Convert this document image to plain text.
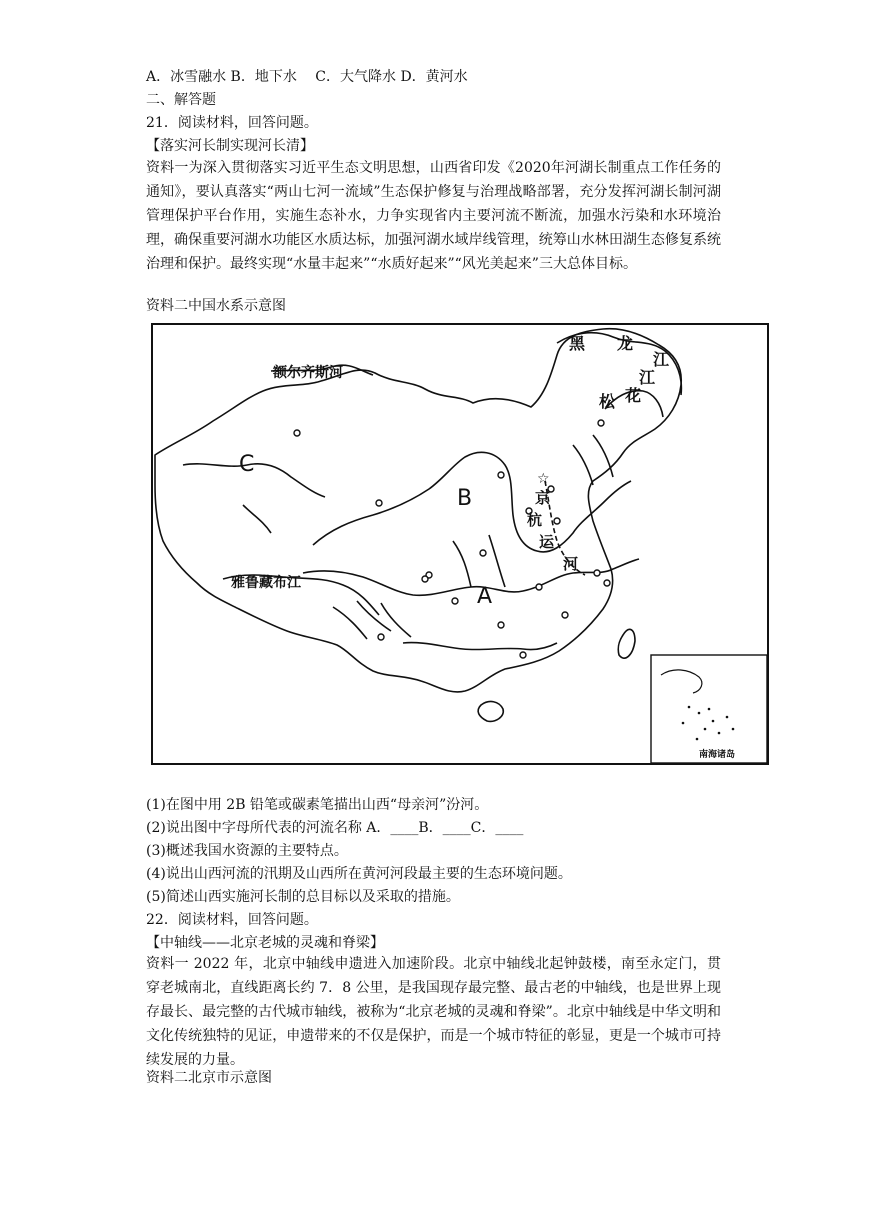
A．冰雪融水 B．地下水　 C．大气降水 D．黄河水
二、解答题
21．阅读材料，回答问题。
【落实河长制实现河长清】
资料一为深入贯彻落实习近平生态文明思想，山西省印发《2020年河湖长制重点工作任务的通知》，要认真落实“两山七河一流域”生态保护修复与治理战略部署，充分发挥河湖长制河湖管理保护平台作用，实施生态补水，力争实现省内主要河流不断流，加强水污染和水环境治理，确保重要河湖水功能区水质达标，加强河湖水域岸线管理，统筹山水林田湖生态修复系统治理和保护。最终实现“水量丰起来”“水质好起来”“风光美起来”三大总体目标。
资料二中国水系示意图
☆
额尔齐斯河
雅鲁藏布江
C
B
A
黑 龙
江
江
花
松
京
杭
运
河
南海诸岛
(1)在图中用 2B 铅笔或碳素笔描出山西“母亲河”汾河。
(2)说出图中字母所代表的河流名称 A．____B．____C．____
(3)概述我国水资源的主要特点。
(4)说出山西河流的汛期及山西所在黄河河段最主要的生态环境问题。
(5)简述山西实施河长制的总目标以及采取的措施。
22．阅读材料，回答问题。
【中轴线——北京老城的灵魂和脊梁】
资料一 2022 年，北京中轴线申遗进入加速阶段。北京中轴线北起钟鼓楼，南至永定门，贯穿老城南北，直线距离长约 7．8 公里，是我国现存最完整、最古老的中轴线，也是世界上现存最长、最完整的古代城市轴线，被称为“北京老城的灵魂和脊梁”。北京中轴线是中华文明和文化传统独特的见证，申遗带来的不仅是保护，而是一个城市特征的彰显，更是一个城市可持续发展的力量。
资料二北京市示意图
